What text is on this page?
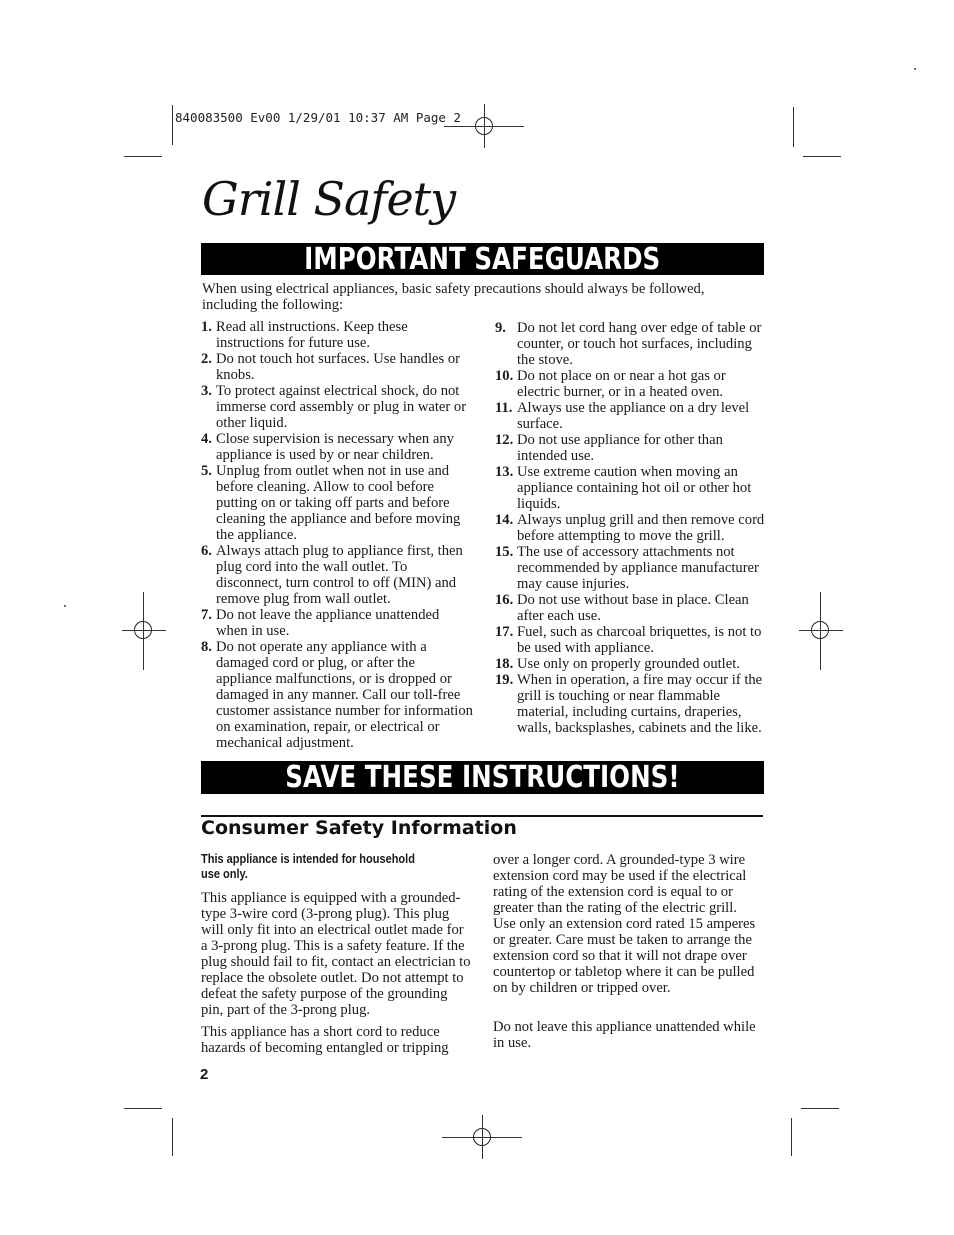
840083500 Ev00 1/29/01 10:37 AM Page 2
Grill Safety
IMPORTANT SAFEGUARDS
When using electrical appliances, basic safety precautions should always be followed, including the following:
1. Read all instructions. Keep these instructions for future use.
2. Do not touch hot surfaces. Use handles or knobs.
3. To protect against electrical shock, do not immerse cord assembly or plug in water or other liquid.
4. Close supervision is necessary when any appliance is used by or near children.
5. Unplug from outlet when not in use and before cleaning. Allow to cool before putting on or taking off parts and before cleaning the appliance and before moving the appliance.
6. Always attach plug to appliance first, then plug cord into the wall outlet. To disconnect, turn control to off (MIN) and remove plug from wall outlet.
7. Do not leave the appliance unattended when in use.
8. Do not operate any appliance with a damaged cord or plug, or after the appliance malfunctions, or is dropped or damaged in any manner. Call our toll-free customer assistance number for information on examination, repair, or electrical or mechanical adjustment.
9. Do not let cord hang over edge of table or counter, or touch hot surfaces, including the stove.
10. Do not place on or near a hot gas or electric burner, or in a heated oven.
11. Always use the appliance on a dry level surface.
12. Do not use appliance for other than intended use.
13. Use extreme caution when moving an appliance containing hot oil or other hot liquids.
14. Always unplug grill and then remove cord before attempting to move the grill.
15. The use of accessory attachments not recommended by appliance manufacturer may cause injuries.
16. Do not use without base in place. Clean after each use.
17. Fuel, such as charcoal briquettes, is not to be used with appliance.
18. Use only on properly grounded outlet.
19. When in operation, a fire may occur if the grill is touching or near flammable material, including curtains, draperies, walls, backsplashes, cabinets and the like.
SAVE THESE INSTRUCTIONS!
Consumer Safety Information
This appliance is intended for household use only.
This appliance is equipped with a grounded-type 3-wire cord (3-prong plug). This plug will only fit into an electrical outlet made for a 3-prong plug. This is a safety feature. If the plug should fail to fit, contact an electrician to replace the obsolete outlet. Do not attempt to defeat the safety purpose of the grounding pin, part of the 3-prong plug.
This appliance has a short cord to reduce hazards of becoming entangled or tripping
over a longer cord. A grounded-type 3 wire extension cord may be used if the electrical rating of the extension cord is equal to or greater than the rating of the electric grill. Use only an extension cord rated 15 amperes or greater. Care must be taken to arrange the extension cord so that it will not drape over countertop or tabletop where it can be pulled on by children or tripped over.
Do not leave this appliance unattended while in use.
2
